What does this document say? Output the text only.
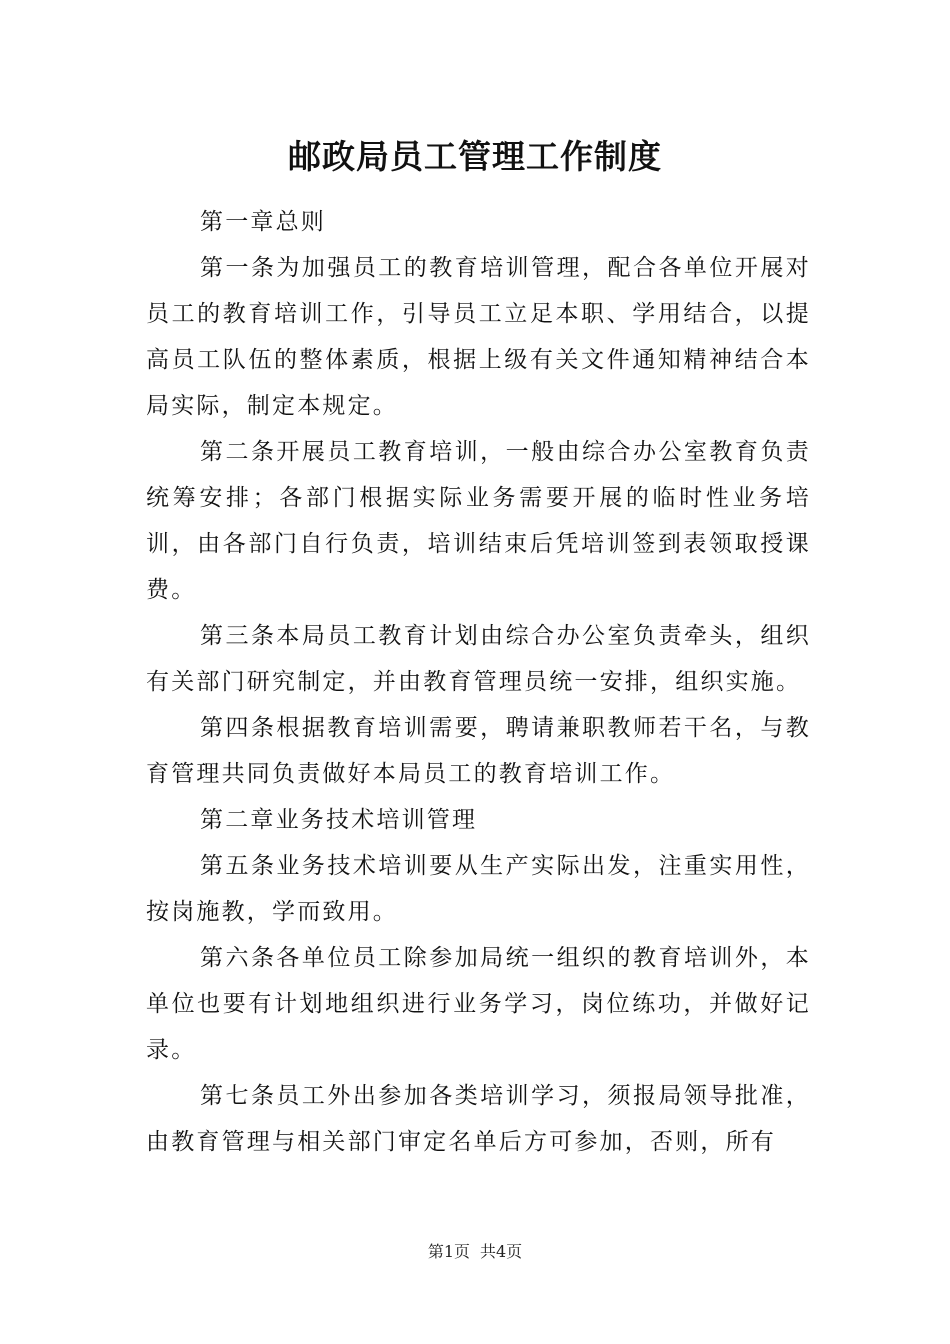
邮政局员工管理工作制度

第一章总则

第一条为加强员工的教育培训管理，配合各单位开展对员工的教育培训工作，引导员工立足本职、学用结合，以提高员工队伍的整体素质，根据上级有关文件通知精神结合本局实际，制定本规定。

第二条开展员工教育培训，一般由综合办公室教育负责统筹安排；各部门根据实际业务需要开展的临时性业务培训，由各部门自行负责，培训结束后凭培训签到表领取授课费。

第三条本局员工教育计划由综合办公室负责牵头，组织有关部门研究制定，并由教育管理员统一安排，组织实施。

第四条根据教育培训需要，聘请兼职教师若干名，与教育管理共同负责做好本局员工的教育培训工作。

第二章业务技术培训管理

第五条业务技术培训要从生产实际出发，注重实用性，按岗施教，学而致用。

第六条各单位员工除参加局统一组织的教育培训外，本单位也要有计划地组织进行业务学习，岗位练功，并做好记录。

第七条员工外出参加各类培训学习，须报局领导批准，由教育管理与相关部门审定名单后方可参加，否则，所有

第1页 共4页
